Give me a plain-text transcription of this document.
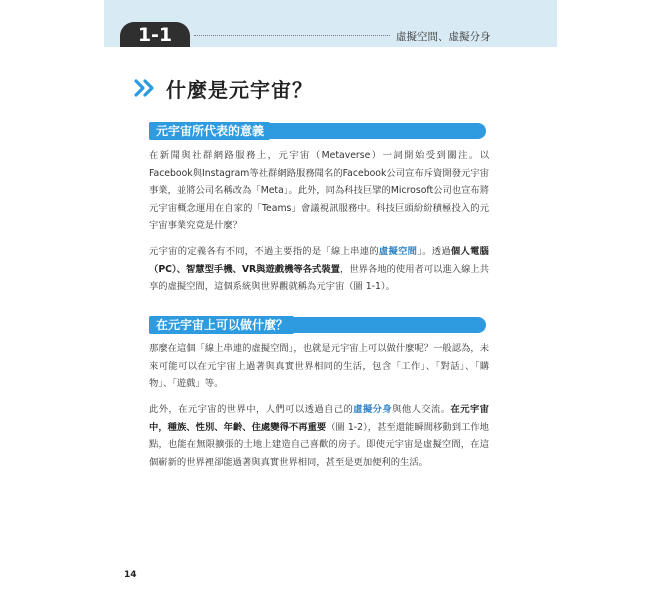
1-1	虛擬空間、虛擬分身
什麼是元宇宙？
元宇宙所代表的意義

在新聞與社群網路服務上，元宇宙（Metaverse）一詞開始受到關注。以Facebook與Instagram等社群網路服務聞名的Facebook公司宣布斥資開發元宇宙事業，並將公司名稱改為「Meta」。此外，同為科技巨擘的Microsoft公司也宣布將元宇宙概念運用在自家的「Teams」會議視訊服務中。科技巨頭紛紛積極投入的元宇宙事業究竟是什麼？

元宇宙的定義各有不同，不過主要指的是「線上串連的虛擬空間」。透過個人電腦（PC）、智慧型手機、VR與遊戲機等各式裝置，世界各地的使用者可以進入線上共享的虛擬空間，這個系統與世界觀就稱為元宇宙（圖 1-1）。

在元宇宙上可以做什麼？

那麼在這個「線上串連的虛擬空間」，也就是元宇宙上可以做什麼呢？一般認為，未來可能可以在元宇宙上過著與真實世界相同的生活，包含「工作」、「對話」、「購物」、「遊戲」等。

此外，在元宇宙的世界中，人們可以透過自己的虛擬分身與他人交流。在元宇宙中，種族、性別、年齡、住處變得不再重要（圖 1-2），甚至還能瞬間移動到工作地點，也能在無限擴張的土地上建造自己喜歡的房子。即使元宇宙是虛擬空間，在這個嶄新的世界裡卻能過著與真實世界相同，甚至是更加便利的生活。

14
